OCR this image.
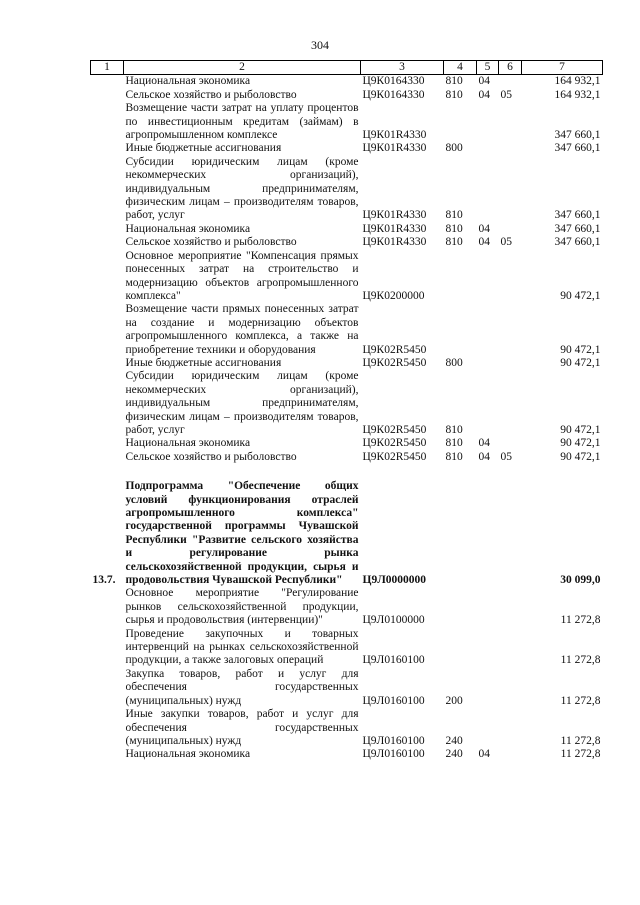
304
1	2	3	4	5	6	7
	Национальная экономика	Ц9К0164330	810	04		164 932,1
	Сельское хозяйство и рыболовство	Ц9К0164330	810	04	05	164 932,1
	Возмещение части затрат на уплату процентов по инвестиционным кредитам (займам) в агропромышленном комплексе	Ц9К01R4330				347 660,1
	Иные бюджетные ассигнования	Ц9К01R4330	800			347 660,1
	Субсидии юридическим лицам (кроме некоммерческих организаций), индивидуальным предпринимателям, физическим лицам – производителям товаров, работ, услуг	Ц9К01R4330	810			347 660,1
	Национальная экономика	Ц9К01R4330	810	04		347 660,1
	Сельское хозяйство и рыболовство	Ц9К01R4330	810	04	05	347 660,1
	Основное мероприятие "Компенсация прямых понесенных затрат на строительство и модернизацию объектов агропромышленного комплекса"	Ц9К0200000				90 472,1
	Возмещение части прямых понесенных затрат на создание и модернизацию объектов агропромышленного комплекса, а также на приобретение техники и оборудования	Ц9К02R5450				90 472,1
	Иные бюджетные ассигнования	Ц9К02R5450	800			90 472,1
	Субсидии юридическим лицам (кроме некоммерческих организаций), индивидуальным предпринимателям, физическим лицам – производителям товаров, работ, услуг	Ц9К02R5450	810			90 472,1
	Национальная экономика	Ц9К02R5450	810	04		90 472,1
	Сельское хозяйство и рыболовство	Ц9К02R5450	810	04	05	90 472,1

13.7.	Подпрограмма "Обеспечение общих условий функционирования отраслей агропромышленного комплекса" государственной программы Чувашской Республики "Развитие сельского хозяйства и регулирование рынка сельскохозяйственной продукции, сырья и продовольствия Чувашской Республики"	Ц9Л0000000				30 099,0
	Основное мероприятие "Регулирование рынков сельскохозяйственной продукции, сырья и продовольствия (интервенции)"	Ц9Л0100000				11 272,8
	Проведение закупочных и товарных интервенций на рынках сельскохозяйственной продукции, а также залоговых операций	Ц9Л0160100				11 272,8
	Закупка товаров, работ и услуг для обеспечения государственных (муниципальных) нужд	Ц9Л0160100	200			11 272,8
	Иные закупки товаров, работ и услуг для обеспечения государственных (муниципальных) нужд	Ц9Л0160100	240			11 272,8
	Национальная экономика	Ц9Л0160100	240	04		11 272,8
